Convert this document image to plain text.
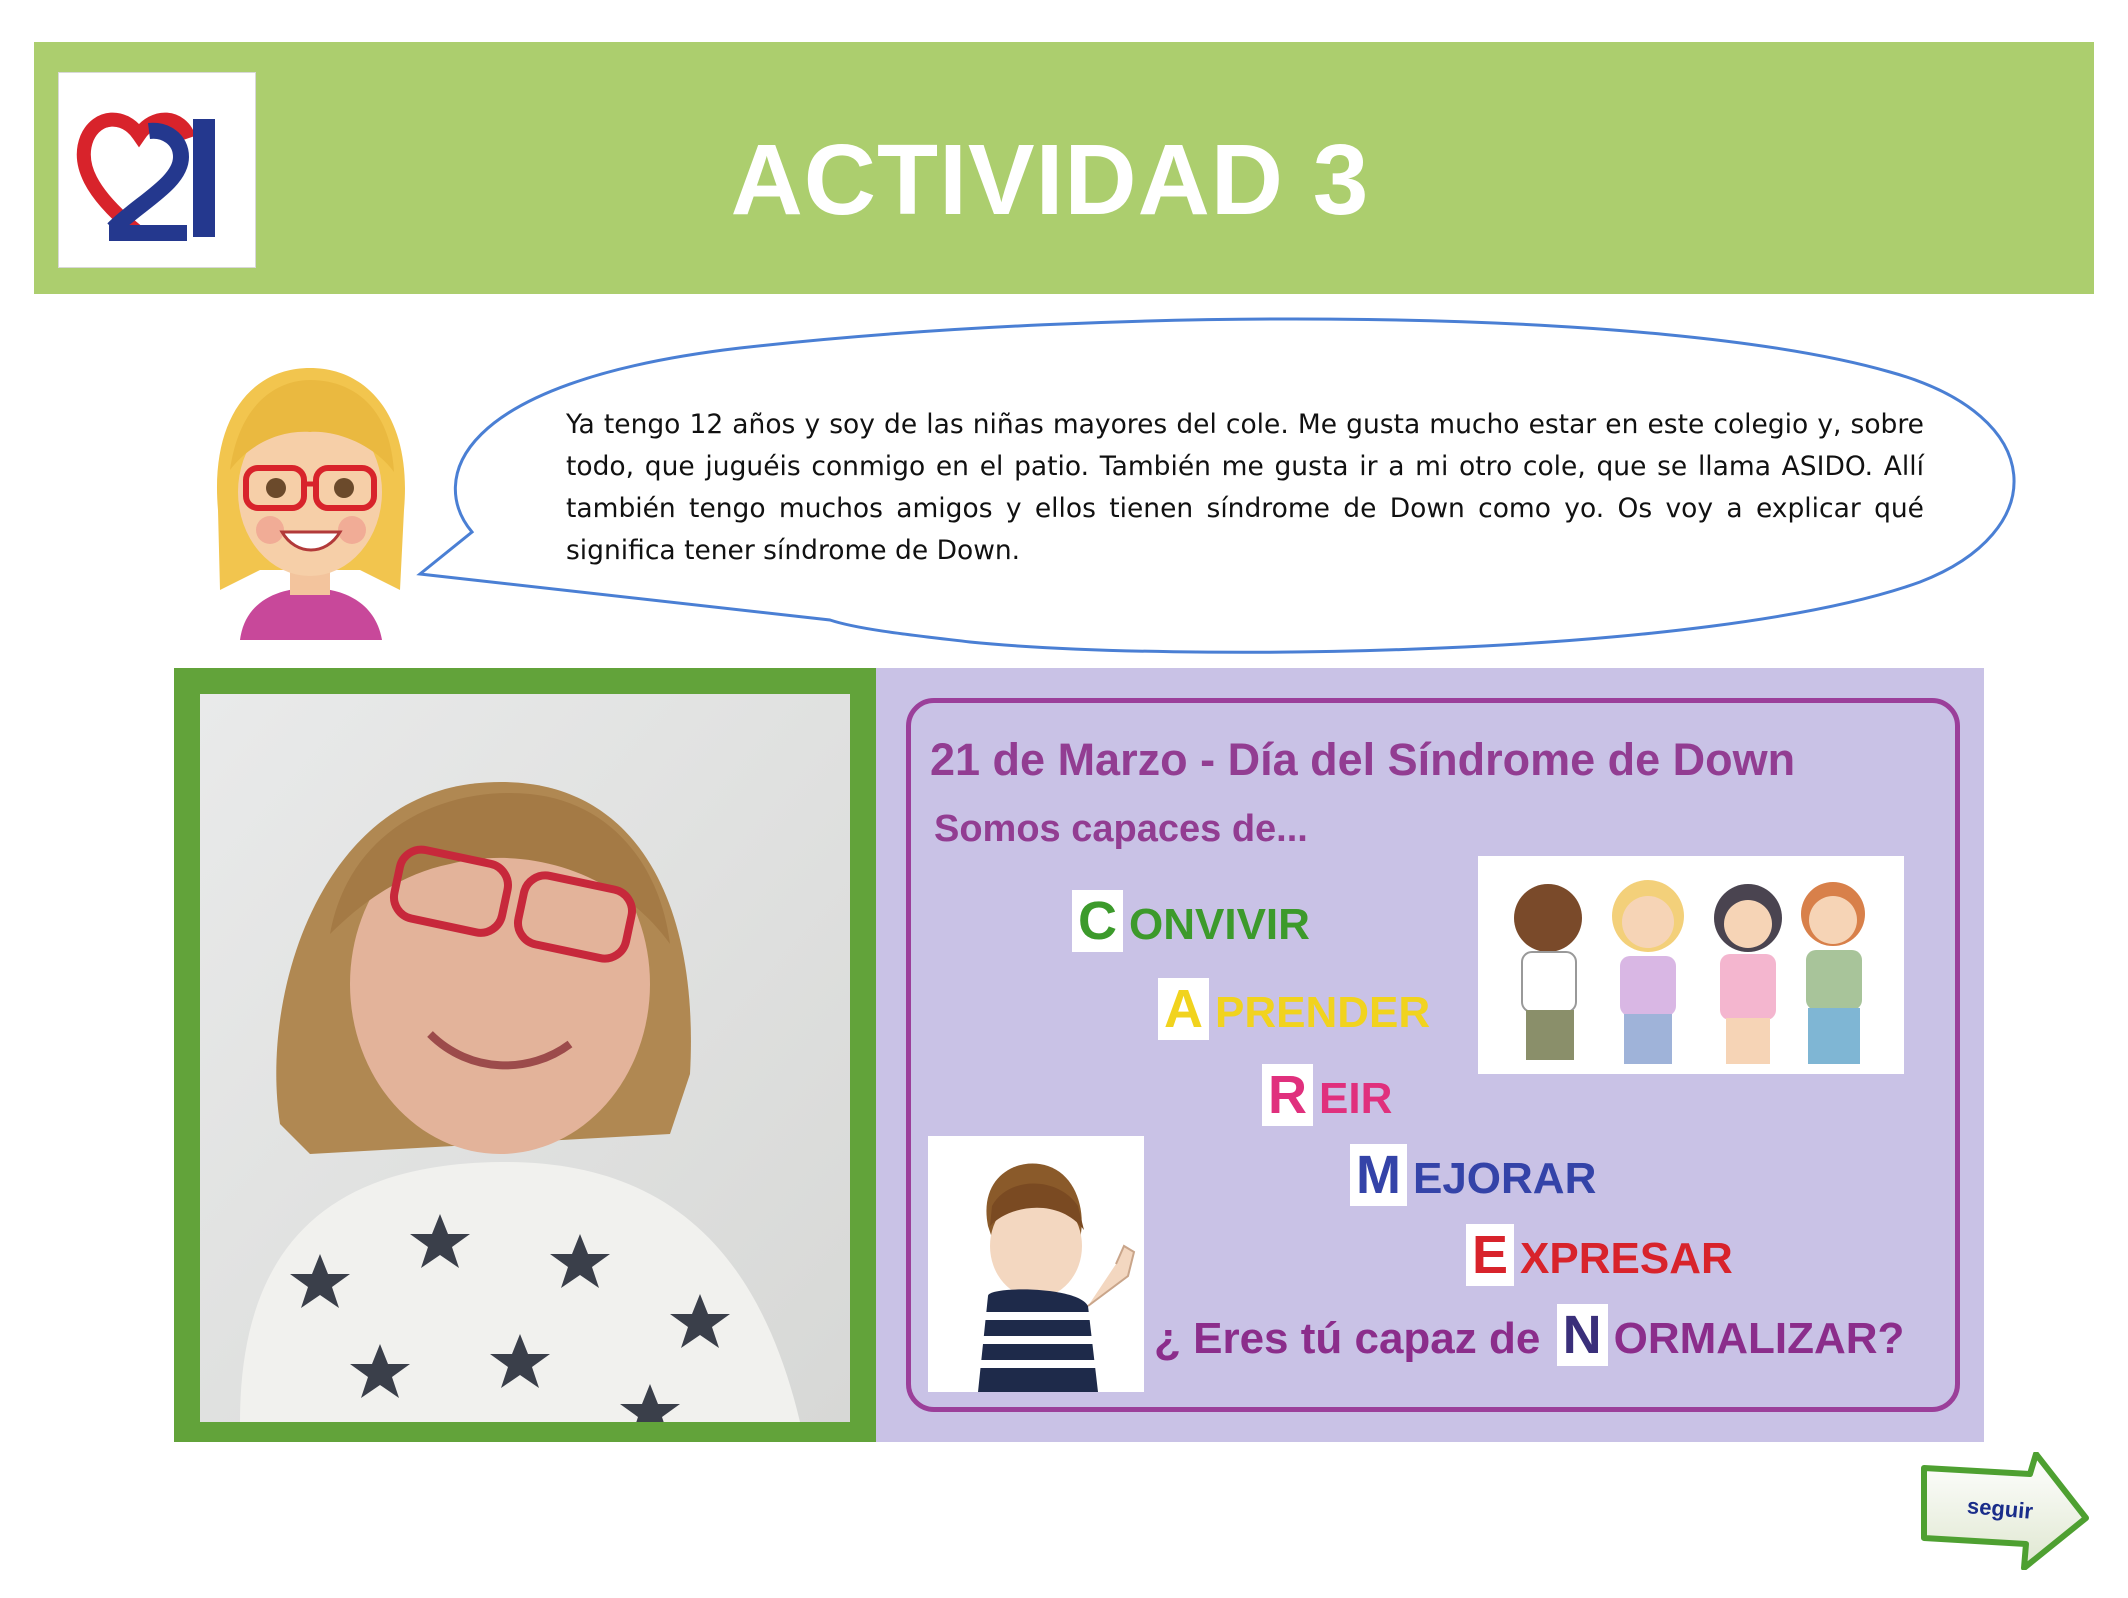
21	ACTIVIDAD 3

Ya tengo 12 años y soy de las niñas mayores del cole. Me gusta mucho estar en este colegio y, sobre todo, que juguéis conmigo en el patio. También me gusta ir a mi otro cole, que se llama ASIDO. Allí también tengo muchos amigos y ellos tienen síndrome de Down como yo. Os voy a explicar qué significa tener síndrome de Down.

21 de Marzo - Día del Síndrome de Down

Somos capaces de...

C ONVIVIR
A PRENDER
R EIR
M EJORAR
E XPRESAR
¿ Eres tú capaz de N ORMALIZAR?
seguir
